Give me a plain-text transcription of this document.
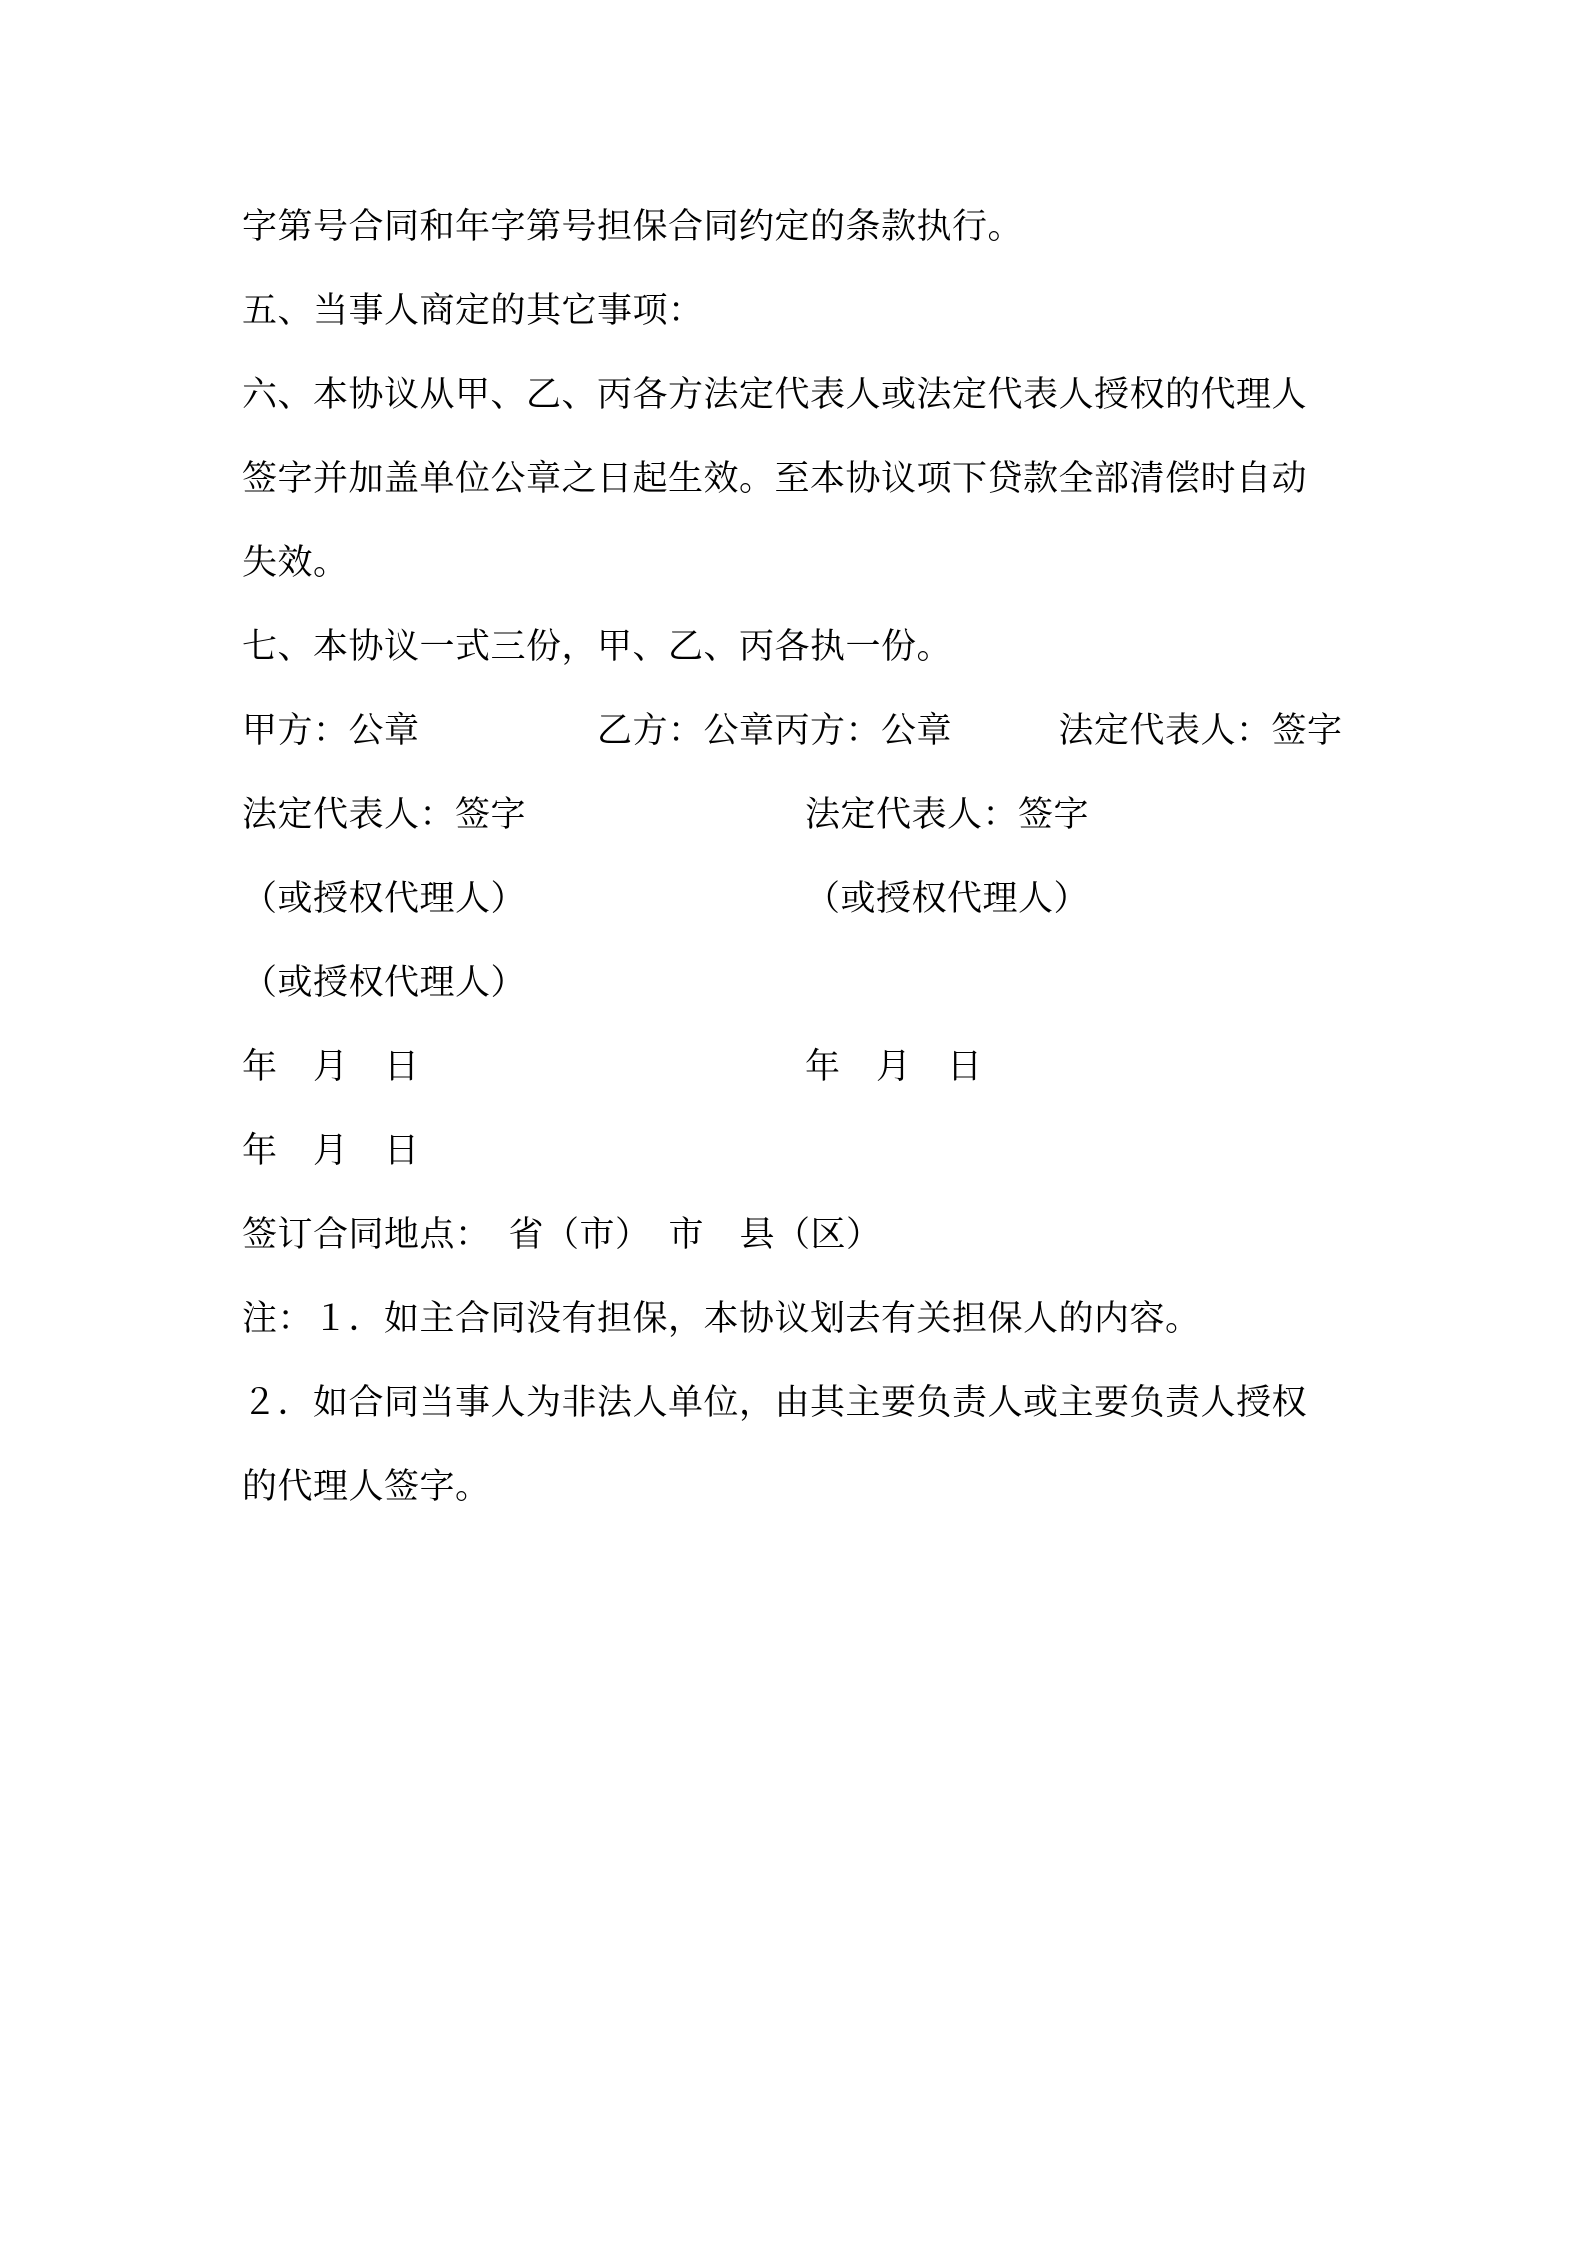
字第号合同和年字第号担保合同约定的条款执行。
五、当事人商定的其它事项：
六、本协议从甲、乙、丙各方法定代表人或法定代表人授权的代理人
签字并加盖单位公章之日起生效。至本协议项下贷款全部清偿时自动
失效。
七、本协议一式三份，甲、乙、丙各执一份。
甲方：公章　　　　　乙方：公章丙方：公章　　　法定代表人：签字
法定代表人：签字	法定代表人：签字
（或授权代理人）	（或授权代理人）
（或授权代理人）
年　月　日	年　月　日
年　月　日
签订合同地点：　省（市）　市　县（区）
注：１．如主合同没有担保，本协议划去有关担保人的内容。
２．如合同当事人为非法人单位，由其主要负责人或主要负责人授权
的代理人签字。
